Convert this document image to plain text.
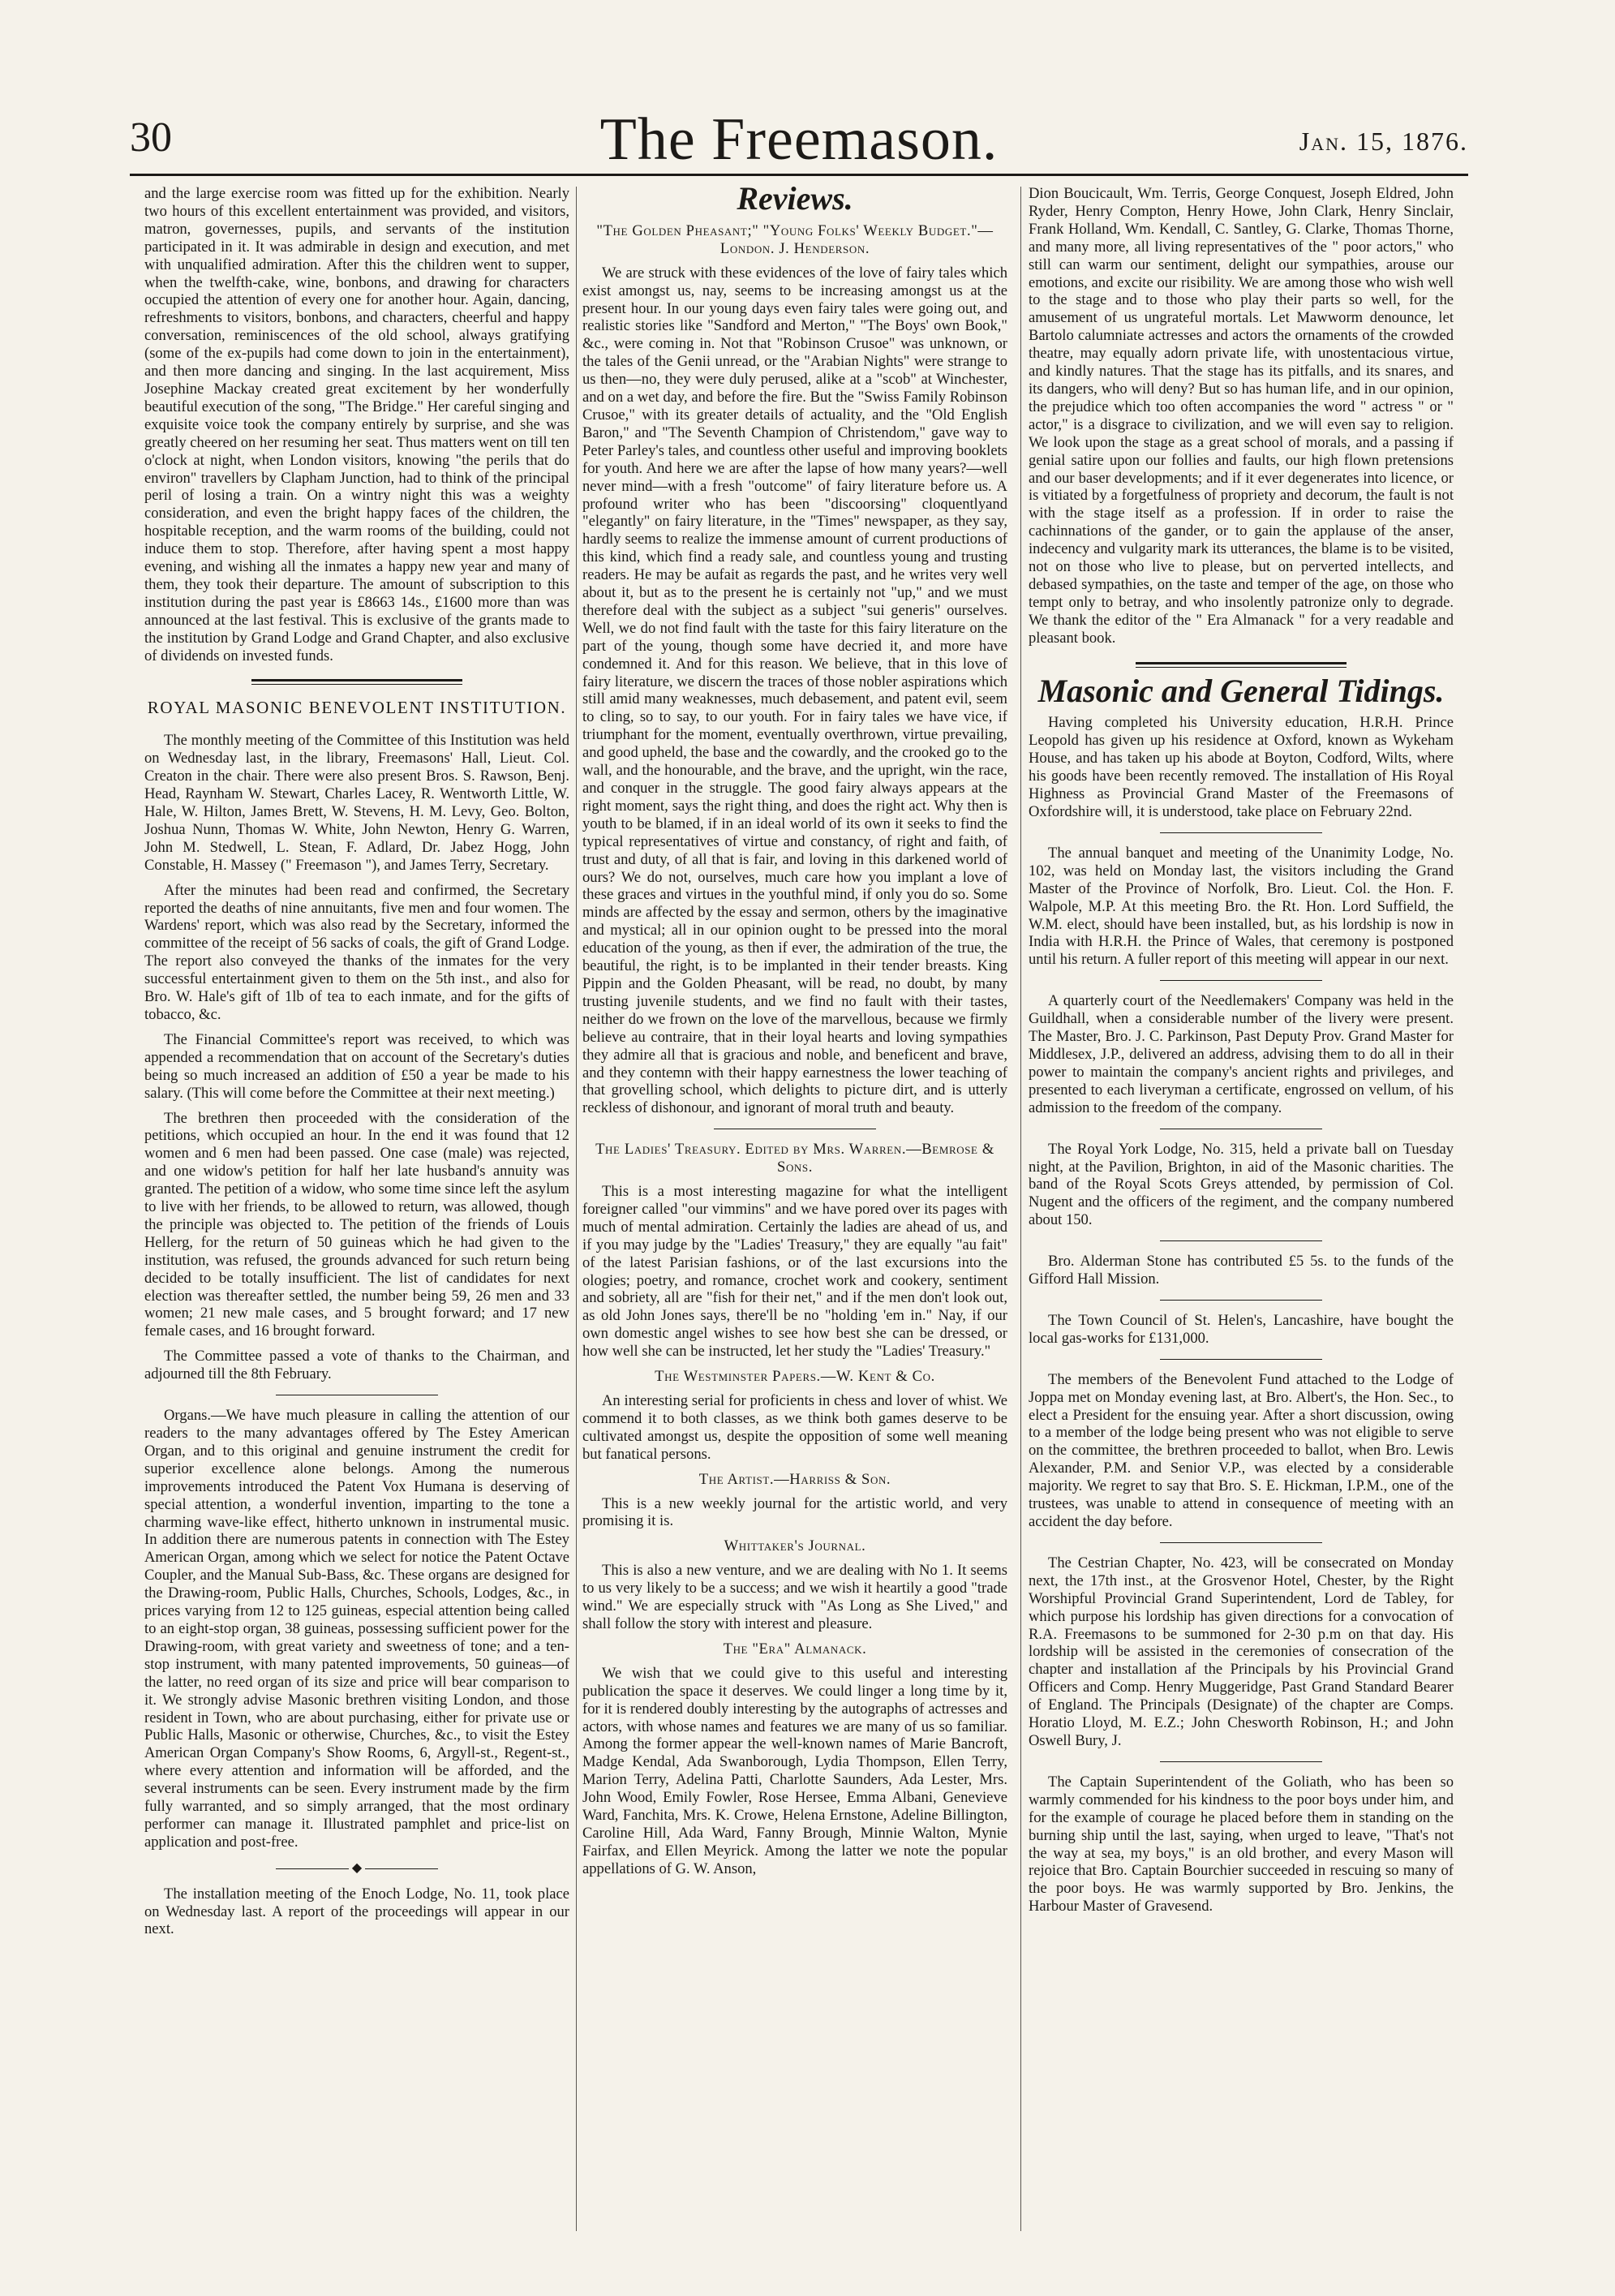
30	The Freemason.	Jan. 15, 1876.

and the large exercise room was fitted up for the exhibition. Nearly two hours of this excellent entertainment was provided, and visitors, matron, governesses, pupils, and servants of the institution participated in it. It was admirable in design and execution, and met with unqualified admiration. After this the children went to supper, when the twelfth-cake, wine, bonbons, and drawing for characters occupied the attention of every one for another hour. Again, dancing, refreshments to visitors, bonbons, and characters, cheerful and happy conversation, reminiscences of the old school, always gratifying (some of the ex-pupils had come down to join in the entertainment), and then more dancing and singing. In the last acquirement, Miss Josephine Mackay created great excitement by her wonderfully beautiful execution of the song, "The Bridge." Her careful singing and exquisite voice took the company entirely by surprise, and she was greatly cheered on her resuming her seat. Thus matters went on till ten o'clock at night, when London visitors, knowing "the perils that do environ" travellers by Clapham Junction, had to think of the principal peril of losing a train. On a wintry night this was a weighty consideration, and even the bright happy faces of the children, the hospitable reception, and the warm rooms of the building, could not induce them to stop. Therefore, after having spent a most happy evening, and wishing all the inmates a happy new year and many of them, they took their departure. The amount of subscription to this institution during the past year is £8663 14s., £1600 more than was announced at the last festival. This is exclusive of the grants made to the institution by Grand Lodge and Grand Chapter, and also exclusive of dividends on invested funds.

ROYAL MASONIC BENEVOLENT INSTITUTION.

The monthly meeting of the Committee of this Institution was held on Wednesday last, in the library, Freemasons' Hall, Lieut. Col. Creaton in the chair. There were also present Bros. S. Rawson, Benj. Head, Raynham W. Stewart, Charles Lacey, R. Wentworth Little, W. Hale, W. Hilton, James Brett, W. Stevens, H. M. Levy, Geo. Bolton, Joshua Nunn, Thomas W. White, John Newton, Henry G. Warren, John M. Stedwell, L. Stean, F. Adlard, Dr. Jabez Hogg, John Constable, H. Massey (" Freemason "), and James Terry, Secretary.

After the minutes had been read and confirmed, the Secretary reported the deaths of nine annuitants, five men and four women. The Wardens' report, which was also read by the Secretary, informed the committee of the receipt of 56 sacks of coals, the gift of Grand Lodge. The report also conveyed the thanks of the inmates for the very successful entertainment given to them on the 5th inst., and also for Bro. W. Hale's gift of 1lb of tea to each inmate, and for the gifts of tobacco, &c.

The Financial Committee's report was received, to which was appended a recommendation that on account of the Secretary's duties being so much increased an addition of £50 a year be made to his salary. (This will come before the Committee at their next meeting.)

The brethren then proceeded with the consideration of the petitions, which occupied an hour. In the end it was found that 12 women and 6 men had been passed. One case (male) was rejected, and one widow's petition for half her late husband's annuity was granted. The petition of a widow, who some time since left the asylum to live with her friends, to be allowed to return, was allowed, though the principle was objected to. The petition of the friends of Louis Hellerg, for the return of 50 guineas which he had given to the institution, was refused, the grounds advanced for such return being decided to be totally insufficient. The list of candidates for next election was thereafter settled, the number being 59, 26 men and 33 women; 21 new male cases, and 5 brought forward; and 17 new female cases, and 16 brought forward.

The Committee passed a vote of thanks to the Chairman, and adjourned till the 8th February.

Organs.—We have much pleasure in calling the attention of our readers to the many advantages offered by The Estey American Organ, and to this original and genuine instrument the credit for superior excellence alone belongs. Among the numerous improvements introduced the Patent Vox Humana is deserving of special attention, a wonderful invention, imparting to the tone a charming wave-like effect, hitherto unknown in instrumental music. In addition there are numerous patents in connection with The Estey American Organ, among which we select for notice the Patent Octave Coupler, and the Manual Sub-Bass, &c. These organs are designed for the Drawing-room, Public Halls, Churches, Schools, Lodges, &c., in prices varying from 12 to 125 guineas, especial attention being called to an eight-stop organ, 38 guineas, possessing sufficient power for the Drawing-room, with great variety and sweetness of tone; and a ten-stop instrument, with many patented improvements, 50 guineas—of the latter, no reed organ of its size and price will bear comparison to it. We strongly advise Masonic brethren visiting London, and those resident in Town, who are about purchasing, either for private use or Public Halls, Masonic or otherwise, Churches, &c., to visit the Estey American Organ Company's Show Rooms, 6, Argyll-st., Regent-st., where every attention and information will be afforded, and the several instruments can be seen. Every instrument made by the firm fully warranted, and so simply arranged, that the most ordinary performer can manage it. Illustrated pamphlet and price-list on application and post-free.

◆

The installation meeting of the Enoch Lodge, No. 11, took place on Wednesday last. A report of the proceedings will appear in our next.

Reviews.
"The Golden Pheasant;" "Young Folks' Weekly Budget."—London. J. Henderson.

We are struck with these evidences of the love of fairy tales which exist amongst us, nay, seems to be increasing amongst us at the present hour. In our young days even fairy tales were going out, and realistic stories like "Sandford and Merton," "The Boys' own Book," &c., were coming in. Not that "Robinson Crusoe" was unknown, or the tales of the Genii unread, or the "Arabian Nights" were strange to us then—no, they were duly perused, alike at a "scob" at Winchester, and on a wet day, and before the fire. But the "Swiss Family Robinson Crusoe," with its greater details of actuality, and the "Old English Baron," and "The Seventh Champion of Christendom," gave way to Peter Parley's tales, and countless other useful and improving booklets for youth. And here we are after the lapse of how many years?—well never mind—with a fresh "outcome" of fairy literature before us. A profound writer who has been "discoorsing" cloquentlyand "elegantly" on fairy literature, in the "Times" newspaper, as they say, hardly seems to realize the immense amount of current productions of this kind, which find a ready sale, and countless young and trusting readers. He may be aufait as regards the past, and he writes very well about it, but as to the present he is certainly not "up," and we must therefore deal with the subject as a subject "sui generis" ourselves. Well, we do not find fault with the taste for this fairy literature on the part of the young, though some have decried it, and more have condemned it. And for this reason. We believe, that in this love of fairy literature, we discern the traces of those nobler aspirations which still amid many weaknesses, much debasement, and patent evil, seem to cling, so to say, to our youth. For in fairy tales we have vice, if triumphant for the moment, eventually overthrown, virtue prevailing, and good upheld, the base and the cowardly, and the crooked go to the wall, and the honourable, and the brave, and the upright, win the race, and conquer in the struggle. The good fairy always appears at the right moment, says the right thing, and does the right act. Why then is youth to be blamed, if in an ideal world of its own it seeks to find the typical representatives of virtue and constancy, of right and faith, of trust and duty, of all that is fair, and loving in this darkened world of ours? We do not, ourselves, much care how you implant a love of these graces and virtues in the youthful mind, if only you do so. Some minds are affected by the essay and sermon, others by the imaginative and mystical; all in our opinion ought to be pressed into the moral education of the young, as then if ever, the admiration of the true, the beautiful, the right, is to be implanted in their tender breasts. King Pippin and the Golden Pheasant, will be read, no doubt, by many trusting juvenile students, and we find no fault with their tastes, neither do we frown on the love of the marvellous, because we firmly believe au contraire, that in their loyal hearts and loving sympathies they admire all that is gracious and noble, and beneficent and brave, and they contemn with their happy earnestness the lower teaching of that grovelling school, which delights to picture dirt, and is utterly reckless of dishonour, and ignorant of moral truth and beauty.

The Ladies' Treasury. Edited by Mrs. Warren.—Bemrose & Sons.

This is a most interesting magazine for what the intelligent foreigner called "our vimmins" and we have pored over its pages with much of mental admiration. Certainly the ladies are ahead of us, and if you may judge by the "Ladies' Treasury," they are equally "au fait" of the latest Parisian fashions, or of the last excursions into the ologies; poetry, and romance, crochet work and cookery, sentiment and sobriety, all are "fish for their net," and if the men don't look out, as old John Jones says, there'll be no "holding 'em in." Nay, if our own domestic angel wishes to see how best she can be dressed, or how well she can be instructed, let her study the "Ladies' Treasury."

The Westminster Papers.—W. Kent & Co.

An interesting serial for proficients in chess and lover of whist. We commend it to both classes, as we think both games deserve to be cultivated amongst us, despite the opposition of some well meaning but fanatical persons.

The Artist.—Harriss & Son.

This is a new weekly journal for the artistic world, and very promising it is.

Whittaker's Journal.

This is also a new venture, and we are dealing with No 1. It seems to us very likely to be a success; and we wish it heartily a good "trade wind." We are especially struck with "As Long as She Lived," and shall follow the story with interest and pleasure.

The "Era" Almanack.

We wish that we could give to this useful and interesting publication the space it deserves. We could linger a long time by it, for it is rendered doubly interesting by the autographs of actresses and actors, with whose names and features we are many of us so familiar. Among the former appear the well-known names of Marie Bancroft, Madge Kendal, Ada Swanborough, Lydia Thompson, Ellen Terry, Marion Terry, Adelina Patti, Charlotte Saunders, Ada Lester, Mrs. John Wood, Emily Fowler, Rose Hersee, Emma Albani, Genevieve Ward, Fanchita, Mrs. K. Crowe, Helena Ernstone, Adeline Billington, Caroline Hill, Ada Ward, Fanny Brough, Minnie Walton, Mynie Fairfax, and Ellen Meyrick. Among the latter we note the popular appellations of G. W. Anson,

Dion Boucicault, Wm. Terris, George Conquest, Joseph Eldred, John Ryder, Henry Compton, Henry Howe, John Clark, Henry Sinclair, Frank Holland, Wm. Kendall, C. Santley, G. Clarke, Thomas Thorne, and many more, all living representatives of the " poor actors," who still can warm our sentiment, delight our sympathies, arouse our emotions, and excite our risibility. We are among those who wish well to the stage and to those who play their parts so well, for the amusement of us ungrateful mortals. Let Mawworm denounce, let Bartolo calumniate actresses and actors the ornaments of the crowded theatre, may equally adorn private life, with unostentacious virtue, and kindly natures. That the stage has its pitfalls, and its snares, and its dangers, who will deny? But so has human life, and in our opinion, the prejudice which too often accompanies the word " actress " or " actor," is a disgrace to civilization, and we will even say to religion. We look upon the stage as a great school of morals, and a passing if genial satire upon our follies and faults, our high flown pretensions and our baser developments; and if it ever degenerates into licence, or is vitiated by a forgetfulness of propriety and decorum, the fault is not with the stage itself as a profession. If in order to raise the cachinnations of the gander, or to gain the applause of the anser, indecency and vulgarity mark its utterances, the blame is to be visited, not on those who live to please, but on perverted intellects, and debased sympathies, on the taste and temper of the age, on those who tempt only to betray, and who insolently patronize only to degrade. We thank the editor of the " Era Almanack " for a very readable and pleasant book.

Masonic and General Tidings.

Having completed his University education, H.R.H. Prince Leopold has given up his residence at Oxford, known as Wykeham House, and has taken up his abode at Boyton, Codford, Wilts, where his goods have been recently removed. The installation of His Royal Highness as Provincial Grand Master of the Freemasons of Oxfordshire will, it is understood, take place on February 22nd.

The annual banquet and meeting of the Unanimity Lodge, No. 102, was held on Monday last, the visitors including the Grand Master of the Province of Norfolk, Bro. Lieut. Col. the Hon. F. Walpole, M.P. At this meeting Bro. the Rt. Hon. Lord Suffield, the W.M. elect, should have been installed, but, as his lordship is now in India with H.R.H. the Prince of Wales, that ceremony is postponed until his return. A fuller report of this meeting will appear in our next.

A quarterly court of the Needlemakers' Company was held in the Guildhall, when a considerable number of the livery were present. The Master, Bro. J. C. Parkinson, Past Deputy Prov. Grand Master for Middlesex, J.P., delivered an address, advising them to do all in their power to maintain the company's ancient rights and privileges, and presented to each liveryman a certificate, engrossed on vellum, of his admission to the freedom of the company.

The Royal York Lodge, No. 315, held a private ball on Tuesday night, at the Pavilion, Brighton, in aid of the Masonic charities. The band of the Royal Scots Greys attended, by permission of Col. Nugent and the officers of the regiment, and the company numbered about 150.

Bro. Alderman Stone has contributed £5 5s. to the funds of the Gifford Hall Mission.

The Town Council of St. Helen's, Lancashire, have bought the local gas-works for £131,000.

The members of the Benevolent Fund attached to the Lodge of Joppa met on Monday evening last, at Bro. Albert's, the Hon. Sec., to elect a President for the ensuing year. After a short discussion, owing to a member of the lodge being present who was not eligible to serve on the committee, the brethren proceeded to ballot, when Bro. Lewis Alexander, P.M. and Senior V.P., was elected by a considerable majority. We regret to say that Bro. S. E. Hickman, I.P.M., one of the trustees, was unable to attend in consequence of meeting with an accident the day before.

The Cestrian Chapter, No. 423, will be consecrated on Monday next, the 17th inst., at the Grosvenor Hotel, Chester, by the Right Worshipful Provincial Grand Superintendent, Lord de Tabley, for which purpose his lordship has given directions for a convocation of R.A. Freemasons to be summoned for 2-30 p.m on that day. His lordship will be assisted in the ceremonies of consecration of the chapter and installation af the Principals by his Provincial Grand Officers and Comp. Henry Muggeridge, Past Grand Standard Bearer of England. The Principals (Designate) of the chapter are Comps. Horatio Lloyd, M. E.Z.; John Chesworth Robinson, H.; and John Oswell Bury, J.

The Captain Superintendent of the Goliath, who has been so warmly commended for his kindness to the poor boys under him, and for the example of courage he placed before them in standing on the burning ship until the last, saying, when urged to leave, "That's not the way at sea, my boys," is an old brother, and every Mason will rejoice that Bro. Captain Bourchier succeeded in rescuing so many of the poor boys. He was warmly supported by Bro. Jenkins, the Harbour Master of Gravesend.
